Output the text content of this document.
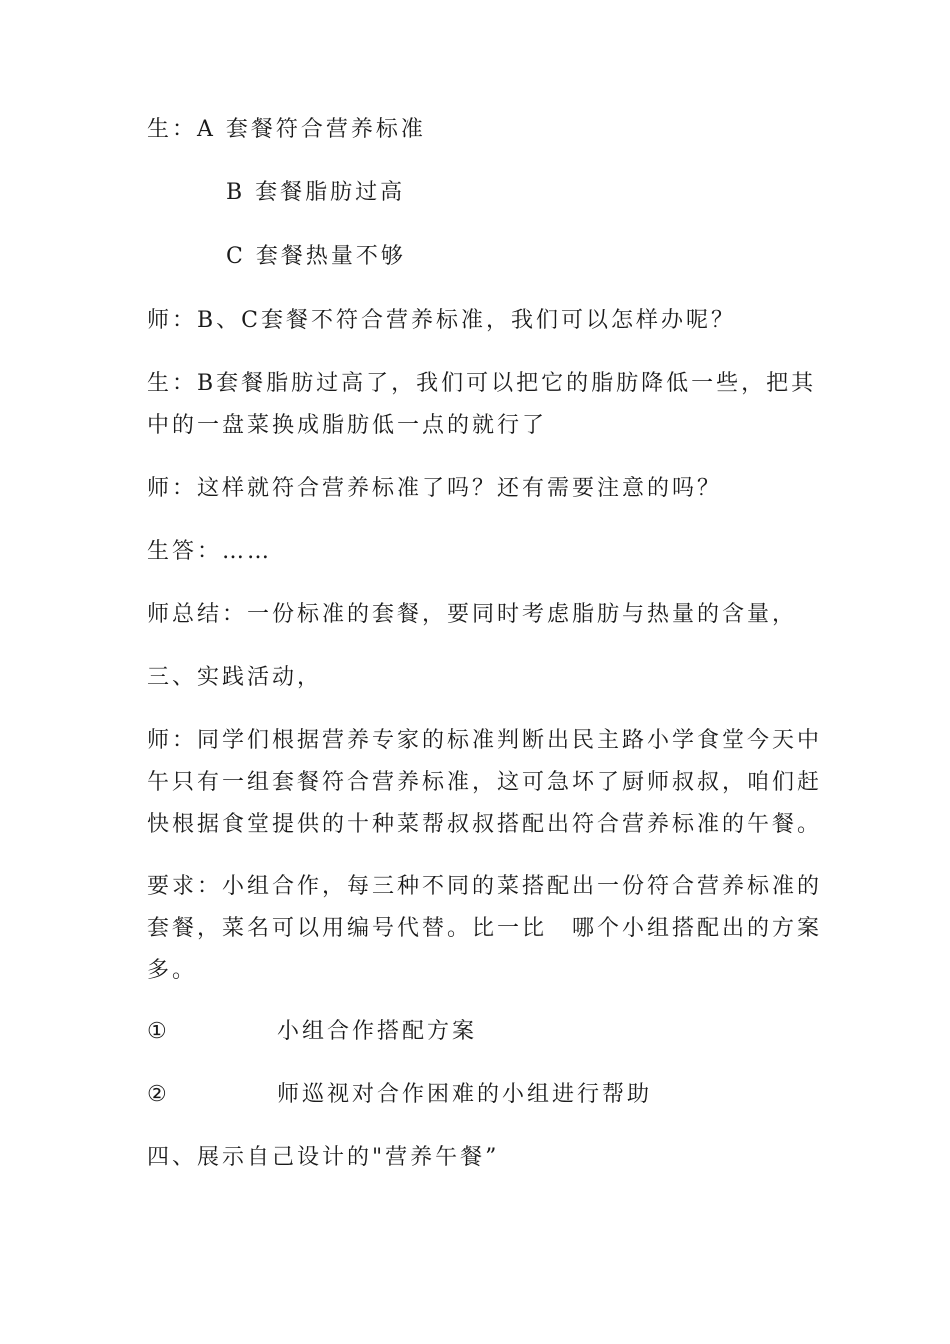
生：A 套餐符合营养标准
B 套餐脂肪过高
C 套餐热量不够
师：B、C套餐不符合营养标准，我们可以怎样办呢？
生：B套餐脂肪过高了，我们可以把它的脂肪降低一些，把其
中的一盘菜换成脂肪低一点的就行了
师：这样就符合营养标准了吗？还有需要注意的吗？
生答：……
师总结：一份标准的套餐，要同时考虑脂肪与热量的含量，
三、实践活动，
师：同学们根据营养专家的标准判断出民主路小学食堂今天中
午只有一组套餐符合营养标准，这可急坏了厨师叔叔，咱们赶
快根据食堂提供的十种菜帮叔叔搭配出符合营养标准的午餐。
要求：小组合作，每三种不同的菜搭配出一份符合营养标准的
套餐，菜名可以用编号代替。比一比　哪个小组搭配出的方案
多。
①	小组合作搭配方案
②	师巡视对合作困难的小组进行帮助
四、展示自己设计的"营养午餐”
